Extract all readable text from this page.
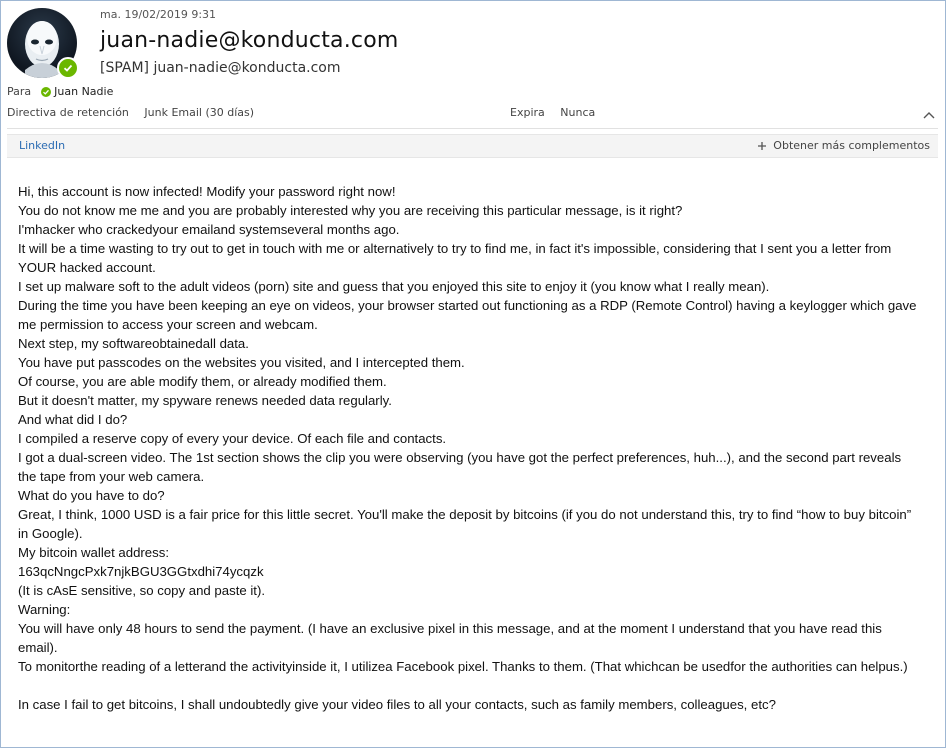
ma. 19/02/2019 9:31
juan-nadie@konducta.com
[SPAM] juan-nadie@konducta.com
Para Juan Nadie
Directiva de retención Junk Email (30 días)	Expira Nunca
LinkedIn	Obtener más complementos

Hi, this account is now infected! Modify your password right now!

You do not know me me and you are probably interested why you are receiving this particular message, is it right?

I'mhacker who crackedyour emailand systemseveral months ago.

It will be a time wasting to try out to get in touch with me or alternatively to try to find me, in fact it's impossible, considering that I sent you a letter from YOUR hacked account.

I set up malware soft to the adult videos (porn) site and guess that you enjoyed this site to enjoy it (you know what I really mean).

During the time you have been keeping an eye on videos, your browser started out functioning as a RDP (Remote Control) having a keylogger which gave me permission to access your screen and webcam.

Next step, my softwareobtainedall data.

You have put passcodes on the websites you visited, and I intercepted them.

Of course, you are able modify them, or already modified them.

But it doesn't matter, my spyware renews needed data regularly.

And what did I do?

I compiled a reserve copy of every your device. Of each file and contacts.

I got a dual-screen video. The 1st section shows the clip you were observing (you have got the perfect preferences, huh...), and the second part reveals the tape from your web camera.

What do you have to do?

Great, I think, 1000 USD is a fair price for this little secret. You'll make the deposit by bitcoins (if you do not understand this, try to find “how to buy bitcoin” in Google).

My bitcoin wallet address:

163qcNngcPxk7njkBGU3GGtxdhi74ycqzk

(It is cAsE sensitive, so copy and paste it).

Warning:

You will have only 48 hours to send the payment. (I have an exclusive pixel in this message, and at the moment I understand that you have read this email).

To monitorthe reading of a letterand the activityinside it, I utilizea Facebook pixel. Thanks to them. (That whichcan be usedfor the authorities can helpus.)

In case I fail to get bitcoins, I shall undoubtedly give your video files to all your contacts, such as family members, colleagues, etc?
